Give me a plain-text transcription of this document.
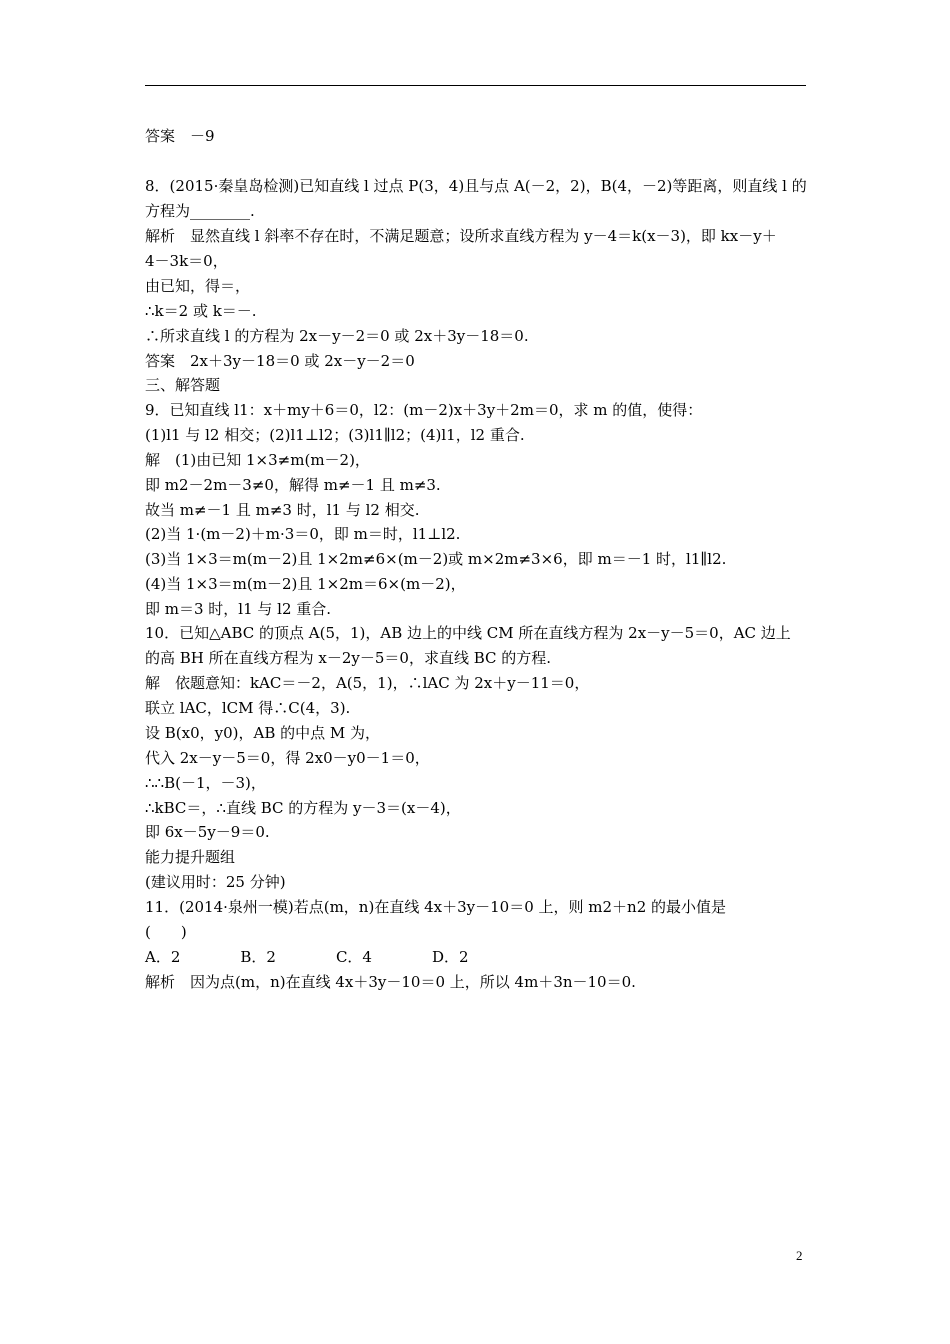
答案　－9
8．(2015·秦皇岛检测)已知直线 l 过点 P(3，4)且与点 A(－2，2)，B(4，－2)等距离，则直线 l 的
方程为________.
解析　显然直线 l 斜率不存在时，不满足题意；设所求直线方程为 y－4＝k(x－3)，即 kx－y＋
4－3k＝0，
由已知，得＝，
∴k＝2 或 k＝－.
∴所求直线 l 的方程为 2x－y－2＝0 或 2x＋3y－18＝0.
答案　2x＋3y－18＝0 或 2x－y－2＝0
三、解答题
9．已知直线 l1：x＋my＋6＝0，l2：(m－2)x＋3y＋2m＝0，求 m 的值，使得：
(1)l1 与 l2 相交；(2)l1⊥l2；(3)l1∥l2；(4)l1，l2 重合.
解　(1)由已知 1×3≠m(m－2)，
即 m2－2m－3≠0，解得 m≠－1 且 m≠3.
故当 m≠－1 且 m≠3 时，l1 与 l2 相交.
(2)当 1·(m－2)＋m·3＝0，即 m＝时，l1⊥l2.
(3)当 1×3＝m(m－2)且 1×2m≠6×(m－2)或 m×2m≠3×6，即 m＝－1 时，l1∥l2.
(4)当 1×3＝m(m－2)且 1×2m＝6×(m－2)，
即 m＝3 时，l1 与 l2 重合.
10．已知△ABC 的顶点 A(5，1)，AB 边上的中线 CM 所在直线方程为 2x－y－5＝0，AC 边上
的高 BH 所在直线方程为 x－2y－5＝0，求直线 BC 的方程.
解　依题意知：kAC＝－2，A(5，1)，∴lAC 为 2x＋y－11＝0，
联立 lAC，lCM 得∴C(4，3).
设 B(x0，y0)，AB 的中点 M 为，
代入 2x－y－5＝0，得 2x0－y0－1＝0，
∴∴B(－1，－3)，
∴kBC＝，∴直线 BC 的方程为 y－3＝(x－4)，
即 6x－5y－9＝0.
能力提升题组
(建议用时：25 分钟)
11．(2014·泉州一模)若点(m，n)在直线 4x＋3y－10＝0 上，则 m2＋n2 的最小值是
(　　)
A．2　　　　B．2　　　　C．4　　　　D．2
解析　因为点(m，n)在直线 4x＋3y－10＝0 上，所以 4m＋3n－10＝0.
2
